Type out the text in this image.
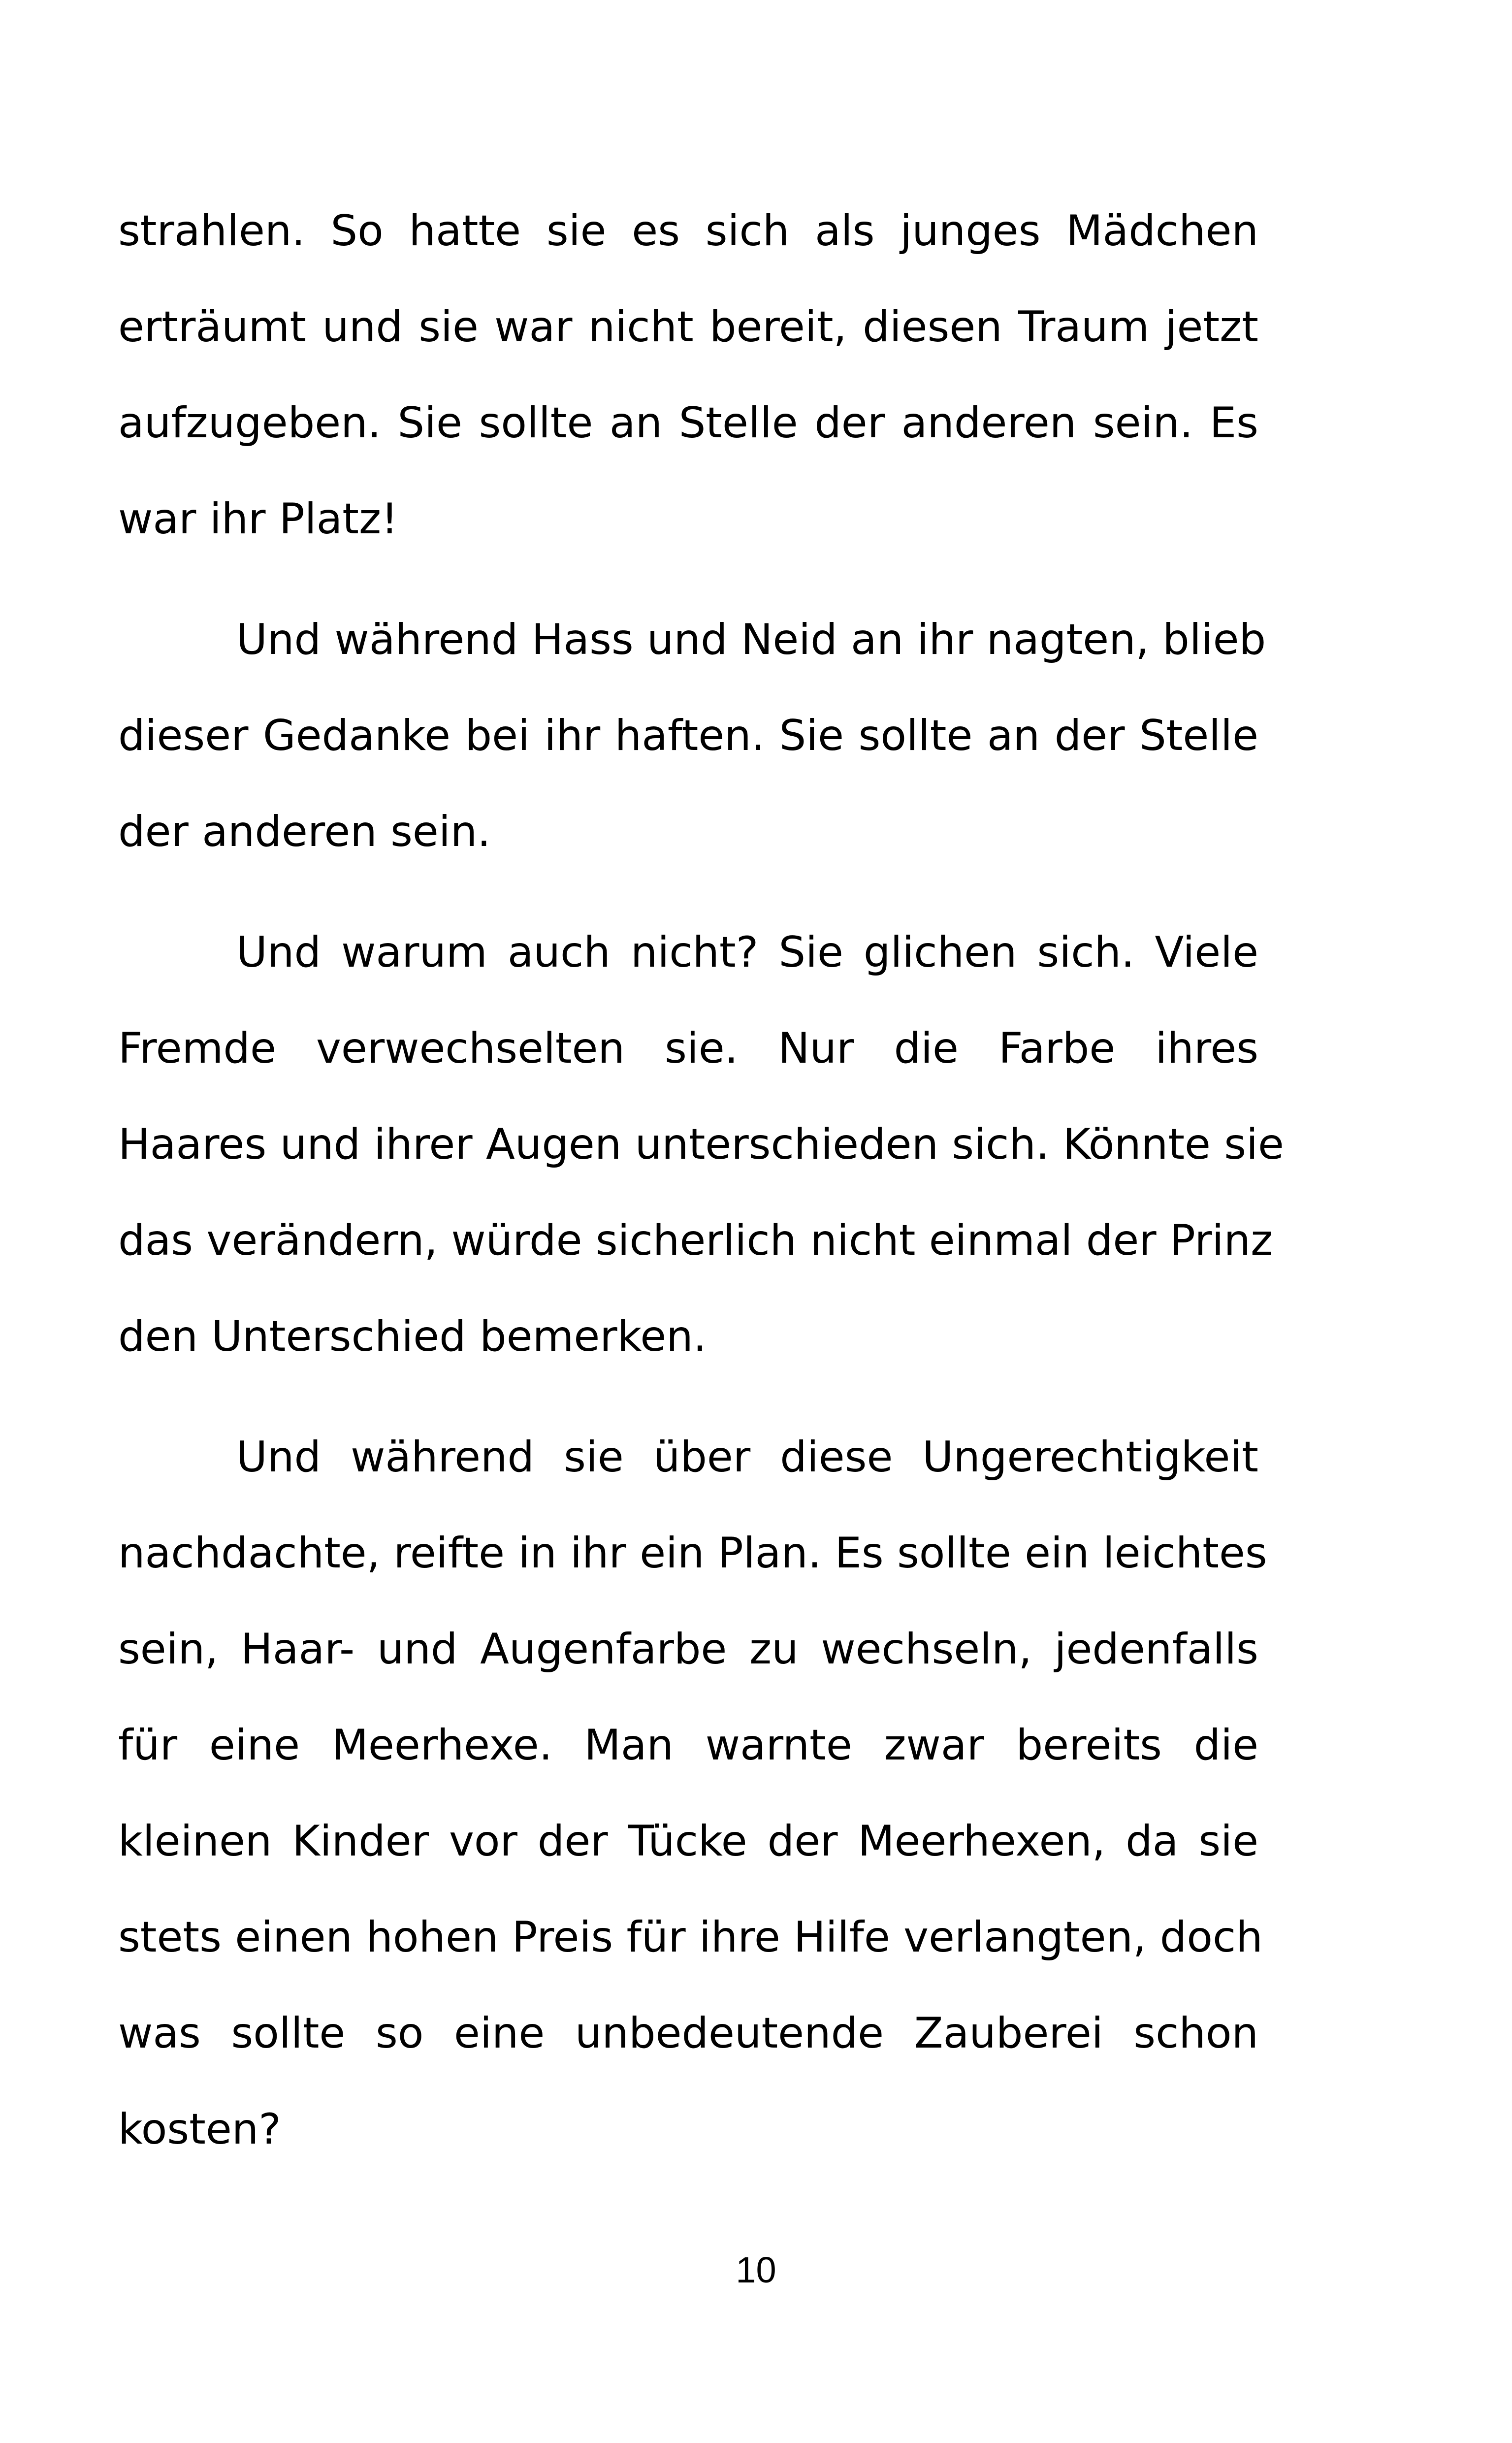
strahlen. So hatte sie es sich als junges Mädchen
erträumt und sie war nicht bereit, diesen Traum jetzt
aufzugeben. Sie sollte an Stelle der anderen sein. Es
war ihr Platz!
Und während Hass und Neid an ihr nagten, blieb
dieser Gedanke bei ihr haften. Sie sollte an der Stelle
der anderen sein.
Und warum auch nicht? Sie glichen sich. Viele
Fremde verwechselten sie. Nur die Farbe ihres
Haares und ihrer Augen unterschieden sich. Könnte sie
das verändern, würde sicherlich nicht einmal der Prinz
den Unterschied bemerken.
Und während sie über diese Ungerechtigkeit
nachdachte, reifte in ihr ein Plan. Es sollte ein leichtes
sein, Haar- und Augenfarbe zu wechseln, jedenfalls
für eine Meerhexe. Man warnte zwar bereits die
kleinen Kinder vor der Tücke der Meerhexen, da sie
stets einen hohen Preis für ihre Hilfe verlangten, doch
was sollte so eine unbedeutende Zauberei schon
kosten?
10
